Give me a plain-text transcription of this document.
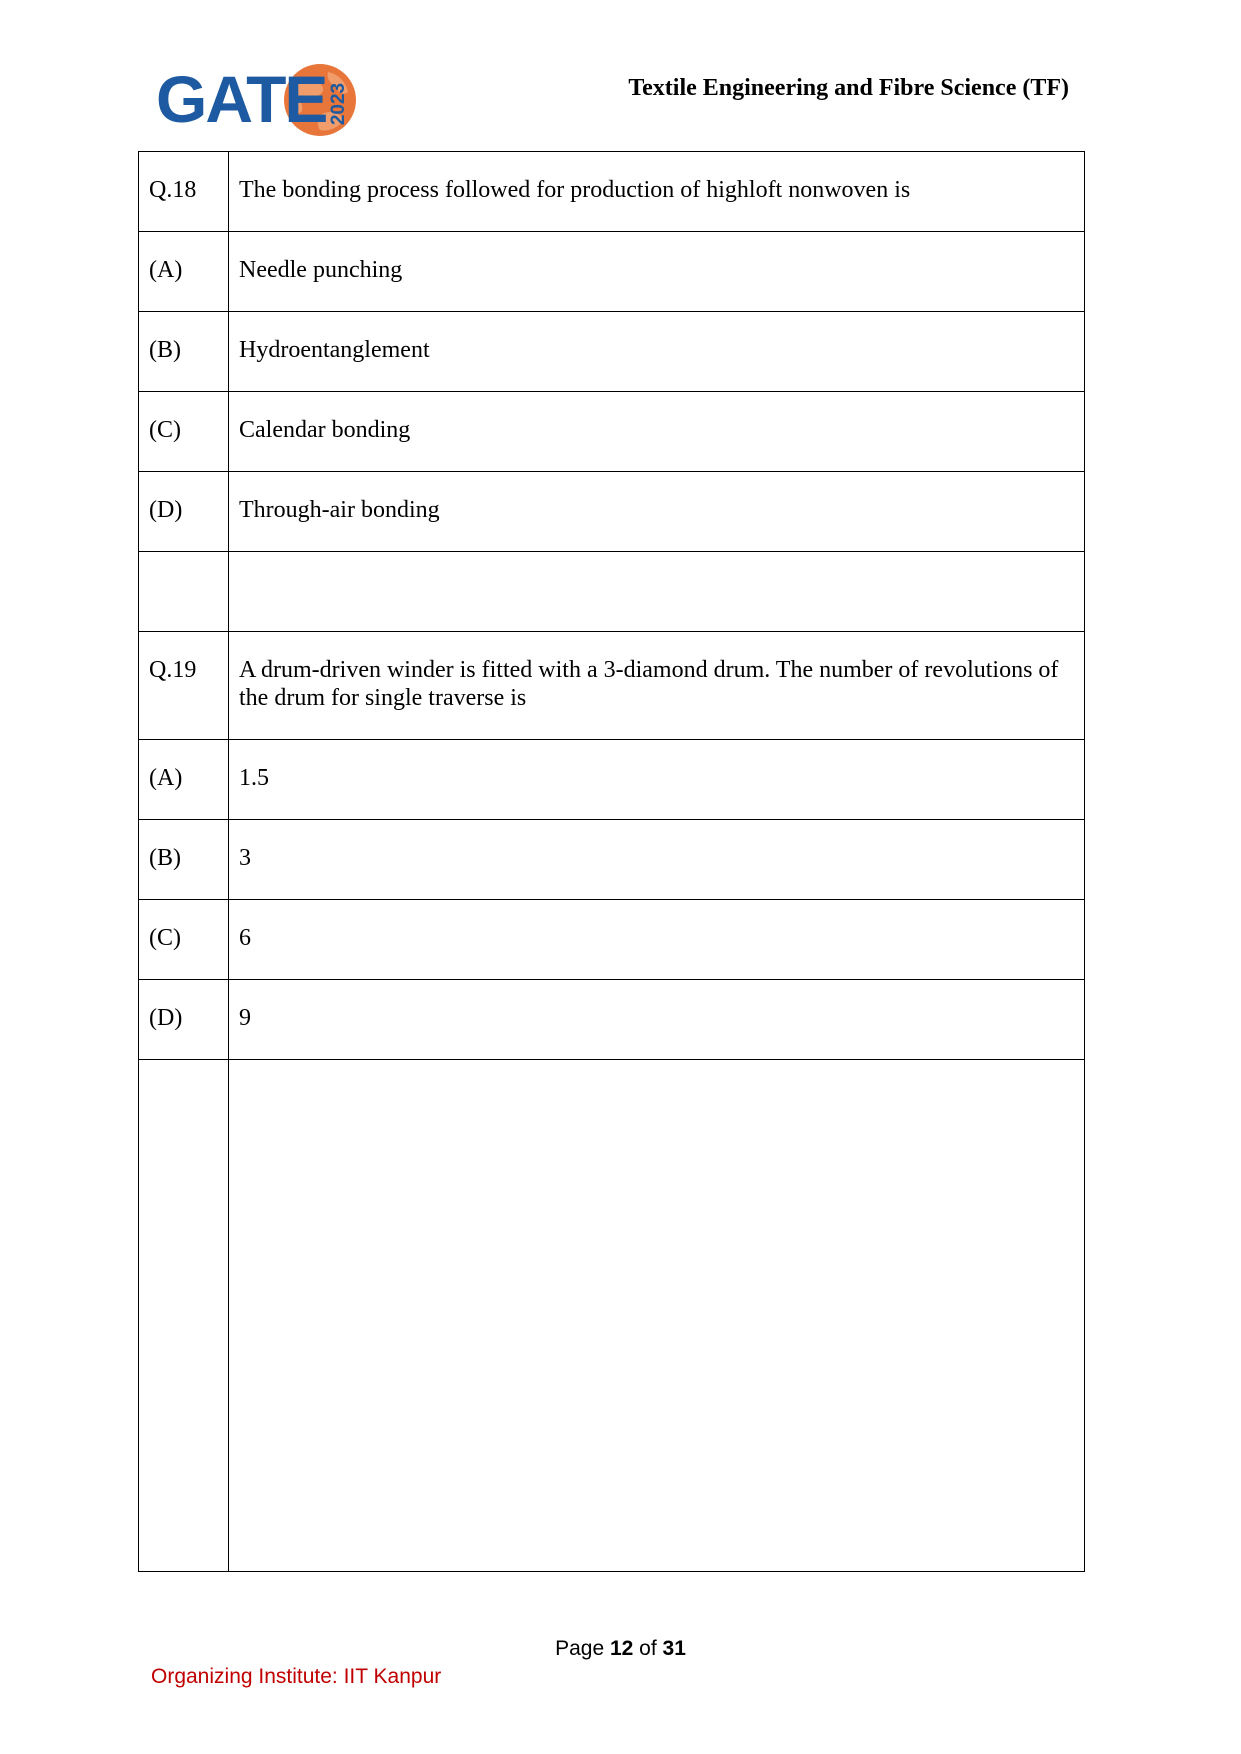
GATE 2023	Textile Engineering and Fibre Science (TF)
Q.18	The bonding process followed for production of highloft nonwoven is
(A)	Needle punching
(B)	Hydroentanglement
(C)	Calendar bonding
(D)	Through-air bonding

Q.19	A drum-driven winder is fitted with a 3-diamond drum. The number of revolutions of the drum for single traverse is
(A)	1.5
(B)	3
(C)	6
(D)	9

Page 12 of 31
Organizing Institute: IIT Kanpur
